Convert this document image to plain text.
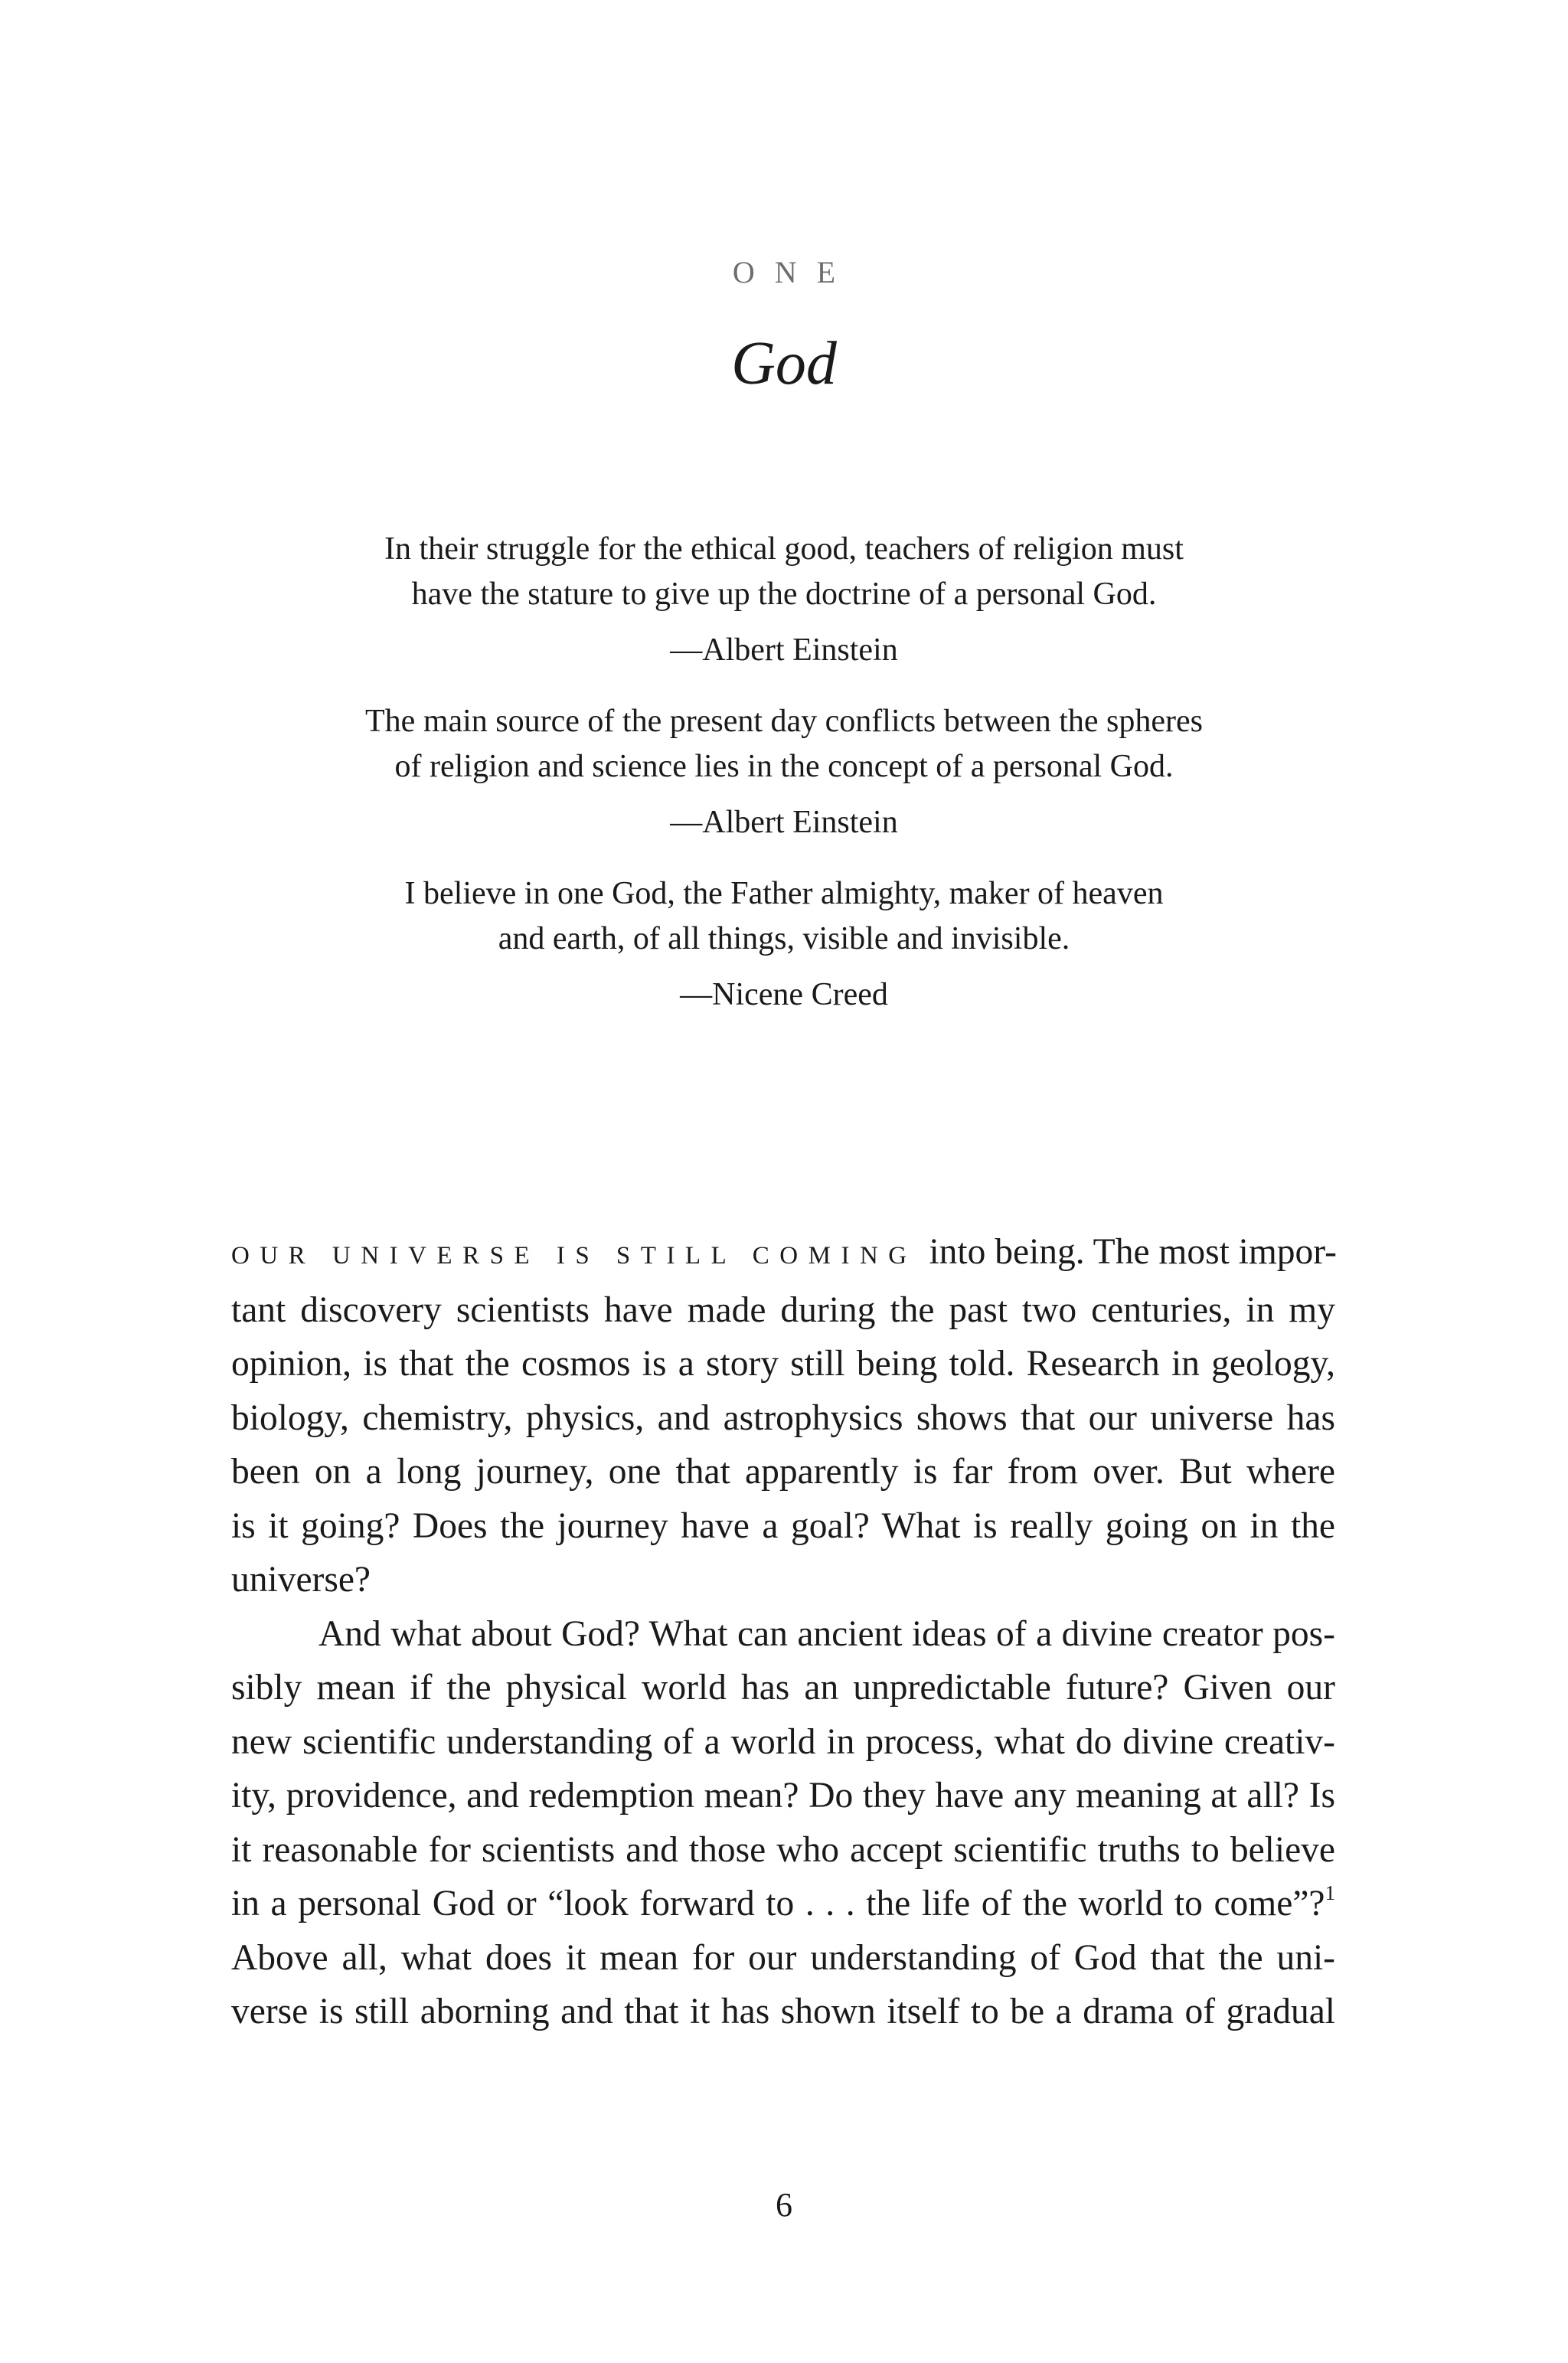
ONE
God
In their struggle for the ethical good, teachers of religion must
have the stature to give up the doctrine of a personal God.
—Albert Einstein
The main source of the present day conflicts between the spheres
of religion and science lies in the concept of a personal God.
—Albert Einstein
I believe in one God, the Father almighty, maker of heaven
and earth, of all things, visible and invisible.
—Nicene Creed
OUR UNIVERSE IS STILL COMING into being. The most impor-
tant discovery scientists have made during the past two centuries, in my
opinion, is that the cosmos is a story still being told. Research in geology,
biology, chemistry, physics, and astrophysics shows that our universe has
been on a long journey, one that apparently is far from over. But where
is it going? Does the journey have a goal? What is really going on in the
universe?
And what about God? What can ancient ideas of a divine creator pos-
sibly mean if the physical world has an unpredictable future? Given our
new scientific understanding of a world in process, what do divine creativ-
ity, providence, and redemption mean? Do they have any meaning at all? Is
it reasonable for scientists and those who accept scientific truths to believe
in a personal God or “look forward to . . . the life of the world to come”?$^1$
Above all, what does it mean for our understanding of God that the uni-
verse is still aborning and that it has shown itself to be a drama of gradual
6
